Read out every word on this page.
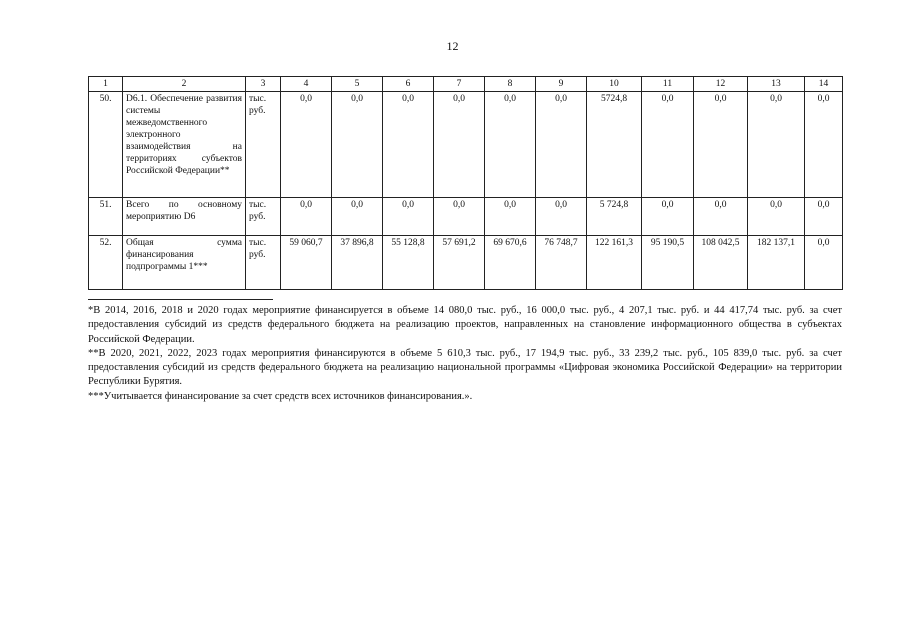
12
1	2	3	4	5	6	7	8	9	10	11	12	13	14
50.	D6.1. Обеспечение развития системы межведомственного электронного взаимодействия на территориях субъектов Российской Федерации**	тыс. руб.	0,0	0,0	0,0	0,0	0,0	0,0	5724,8	0,0	0,0	0,0	0,0
51.	Всего по основному мероприятию D6	тыс. руб.	0,0	0,0	0,0	0,0	0,0	0,0	5 724,8	0,0	0,0	0,0	0,0
52.	Общая сумма финансирования подпрограммы 1***	тыс. руб.	59 060,7	37 896,8	55 128,8	57 691,2	69 670,6	76 748,7	122 161,3	95 190,5	108 042,5	182 137,1	0,0

*В 2014, 2016, 2018 и 2020 годах мероприятие финансируется в объеме 14 080,0 тыс. руб., 16 000,0 тыс. руб., 4 207,1 тыс. руб. и 44 417,74 тыс. руб. за счет предоставления субсидий из средств федерального бюджета на реализацию проектов, направленных на становление информационного общества в субъектах Российской Федерации.

**В 2020, 2021, 2022, 2023 годах мероприятия финансируются в объеме 5 610,3 тыс. руб., 17 194,9 тыс. руб., 33 239,2 тыс. руб., 105 839,0 тыс. руб. за счет предоставления субсидий из средств федерального бюджета на реализацию национальной программы «Цифровая экономика Российской Федерации» на территории Республики Бурятия.

***Учитывается финансирование за счет средств всех источников финансирования.».
